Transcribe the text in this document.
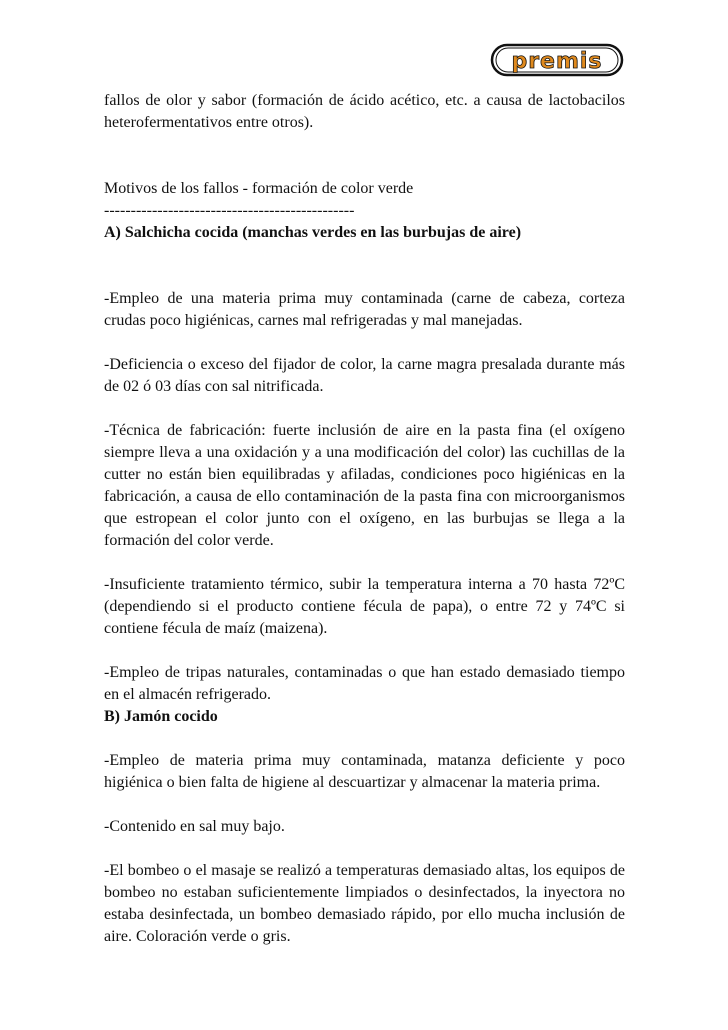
premis

fallos de olor y sabor (formación de ácido acético, etc. a causa de lactobacilos heterofermentativos entre otros).

Motivos de los fallos - formación de color verde

-----------------------------------------------

A) Salchicha cocida (manchas verdes en las burbujas de aire)

-Empleo de una materia prima muy contaminada (carne de cabeza, corteza crudas poco higiénicas, carnes mal refrigeradas y mal manejadas.

-Deficiencia o exceso del fijador de color, la carne magra presalada durante más de 02 ó 03 días con sal nitrificada.

-Técnica de fabricación: fuerte inclusión de aire en la pasta fina (el oxígeno siempre lleva a una oxidación y a una modificación del color) las cuchillas de la cutter no están bien equilibradas y afiladas, condiciones poco higiénicas en la fabricación, a causa de ello contaminación de la pasta fina con microorganismos que estropean el color junto con el oxígeno, en las burbujas se llega a la formación del color verde.

-Insuficiente tratamiento térmico, subir la temperatura interna a 70 hasta 72ºC (dependiendo si el producto contiene fécula de papa), o entre 72 y 74ºC si contiene fécula de maíz (maizena).

-Empleo de tripas naturales, contaminadas o que han estado demasiado tiempo en el almacén refrigerado.

B) Jamón cocido

-Empleo de materia prima muy contaminada, matanza deficiente y poco higiénica o bien falta de higiene al descuartizar y almacenar la materia prima.

-Contenido en sal muy bajo.

-El bombeo o el masaje se realizó a temperaturas demasiado altas, los equipos de bombeo no estaban suficientemente limpiados o desinfectados, la inyectora no estaba desinfectada, un bombeo demasiado rápido, por ello mucha inclusión de aire. Coloración verde o gris.
